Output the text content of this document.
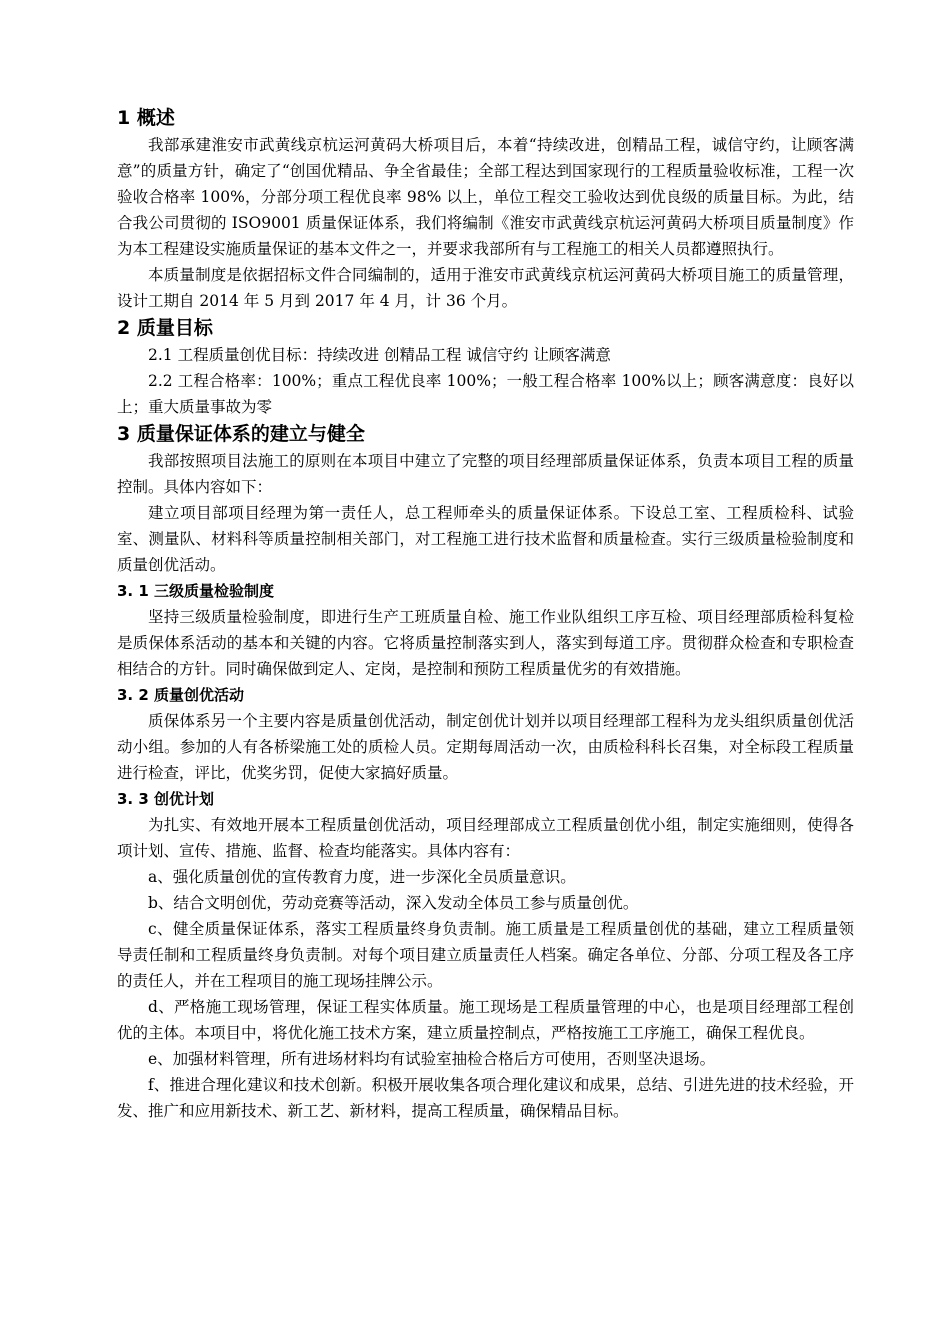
1 概述

我部承建淮安市武黄线京杭运河黄码大桥项目后，本着“持续改进，创精品工程，诚信守约，让顾客满意”的质量方针，确定了“创国优精品、争全省最佳；全部工程达到国家现行的工程质量验收标准，工程一次验收合格率 100%，分部分项工程优良率 98% 以上，单位工程交工验收达到优良级的质量目标。为此，结合我公司贯彻的 ISO9001 质量保证体系，我们将编制《淮安市武黄线京杭运河黄码大桥项目质量制度》作为本工程建设实施质量保证的基本文件之一，并要求我部所有与工程施工的相关人员都遵照执行。

本质量制度是依据招标文件合同编制的，适用于淮安市武黄线京杭运河黄码大桥项目施工的质量管理，设计工期自 2014 年 5 月到 2017 年 4 月，计 36 个月。

2 质量目标

2.1 工程质量创优目标：持续改进 创精品工程 诚信守约 让顾客满意

2.2 工程合格率：100%；重点工程优良率 100%；一般工程合格率 100%以上；顾客满意度：良好以上；重大质量事故为零

3 质量保证体系的建立与健全

我部按照项目法施工的原则在本项目中建立了完整的项目经理部质量保证体系，负责本项目工程的质量控制。具体内容如下：

建立项目部项目经理为第一责任人，总工程师牵头的质量保证体系。下设总工室、工程质检科、试验室、测量队、材料科等质量控制相关部门，对工程施工进行技术监督和质量检查。实行三级质量检验制度和质量创优活动。

3. 1 三级质量检验制度

坚持三级质量检验制度，即进行生产工班质量自检、施工作业队组织工序互检、项目经理部质检科复检是质保体系活动的基本和关键的内容。它将质量控制落实到人，落实到每道工序。贯彻群众检查和专职检查相结合的方针。同时确保做到定人、定岗，是控制和预防工程质量优劣的有效措施。

3. 2 质量创优活动

质保体系另一个主要内容是质量创优活动，制定创优计划并以项目经理部工程科为龙头组织质量创优活动小组。参加的人有各桥梁施工处的质检人员。定期每周活动一次，由质检科科长召集，对全标段工程质量进行检查，评比，优奖劣罚，促使大家搞好质量。

3. 3 创优计划

为扎实、有效地开展本工程质量创优活动，项目经理部成立工程质量创优小组，制定实施细则，使得各项计划、宣传、措施、监督、检查均能落实。具体内容有：

a、强化质量创优的宣传教育力度，进一步深化全员质量意识。

b、结合文明创优，劳动竞赛等活动，深入发动全体员工参与质量创优。

c、健全质量保证体系，落实工程质量终身负责制。施工质量是工程质量创优的基础，建立工程质量领导责任制和工程质量终身负责制。对每个项目建立质量责任人档案。确定各单位、分部、分项工程及各工序的责任人，并在工程项目的施工现场挂牌公示。

d、严格施工现场管理，保证工程实体质量。施工现场是工程质量管理的中心，也是项目经理部工程创优的主体。本项目中，将优化施工技术方案，建立质量控制点，严格按施工工序施工，确保工程优良。

e、加强材料管理，所有进场材料均有试验室抽检合格后方可使用，否则坚决退场。

f、推进合理化建议和技术创新。积极开展收集各项合理化建议和成果，总结、引进先进的技术经验，开发、推广和应用新技术、新工艺、新材料，提高工程质量，确保精品目标。
